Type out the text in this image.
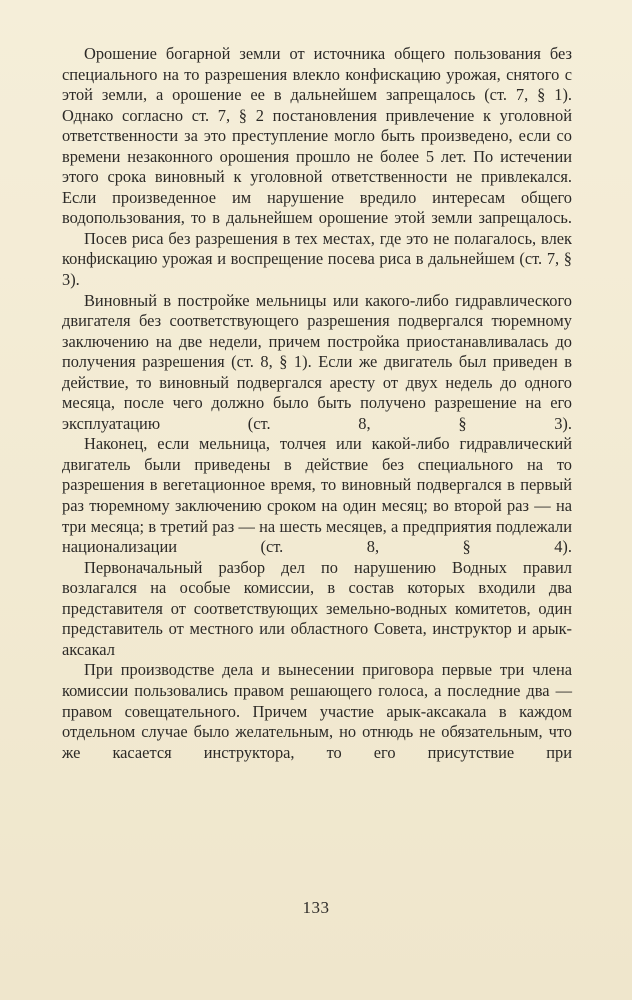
Орошение богарной земли от источника общего пользования без специального на то разрешения влекло конфискацию урожая, снятого с этой земли, а орошение ее в дальнейшем запрещалось (ст. 7, § 1). Однако согласно ст. 7, § 2 постановления привлечение к уголовной ответственности за это преступление могло быть произведено, если со времени незаконного орошения прошло не более 5 лет. По истечении этого срока виновный к уголовной ответственности не привлекался. Если произведенное им нарушение вредило интересам общего водопользования, то в дальнейшем орошение этой земли запрещалось.

Посев риса без разрешения в тех местах, где это не полагалось, влек конфискацию урожая и воспрещение посева риса в дальнейшем (ст. 7, § 3).

Виновный в постройке мельницы или какого-либо гидравлического двигателя без соответствующего разрешения подвергался тюремному заключению на две недели, причем постройка приостанавливалась до получения разрешения (ст. 8, § 1). Если же двигатель был приведен в действие, то виновный подвергался аресту от двух недель до одного месяца, после чего должно было быть получено разрешение на его эксплуатацию (ст. 8, § 3).

Наконец, если мельница, толчея или какой-либо гидравлический двигатель были приведены в действие без специального на то разрешения в вегетационное время, то виновный подвергался в первый раз тюремному заключению сроком на один месяц; во второй раз — на три месяца; в третий раз — на шесть месяцев, а предприятия подлежали национализации (ст. 8, § 4).

Первоначальный разбор дел по нарушению Водных правил возлагался на особые комиссии, в состав которых входили два представителя от соответствующих земельно-водных комитетов, один представитель от местного или областного Совета, инструктор и арык-аксакал

При производстве дела и вынесении приговора первые три члена комиссии пользовались правом решающего голоса, а последние два — правом совещательного. Причем участие арык-аксакала в каждом отдельном случае было желательным, но отнюдь не обязательным, что же касается инструктора, то его присутствие при

133
